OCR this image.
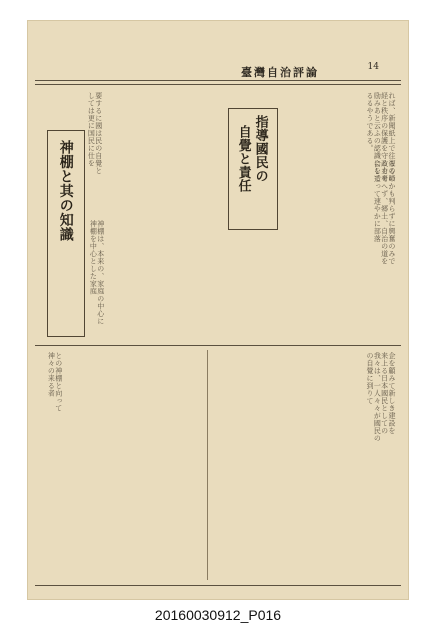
14
臺灣自治評論
れば、新聞紙上で往復の暗
経と秩序の保護を守る力を
励みあと云ふの認識にして
るるやうである。
指導國民の
自覺と責任
るるのかも判らずに興奮のみで
政を考へず、郷土、自治の道を
会を造って速やかに部落
要するに國は民の自覺と
しては更に国民に仕を
神棚と其の知識
神棚は、本来の、家庭の中心に
神棚を中心とした家庭
企を顧みて新しき建設を
来上る日本國民としての
我々は、一人々々が國民の
の自覺に到りて
との神棚と向って
神々の来る者
20160030912_P016
